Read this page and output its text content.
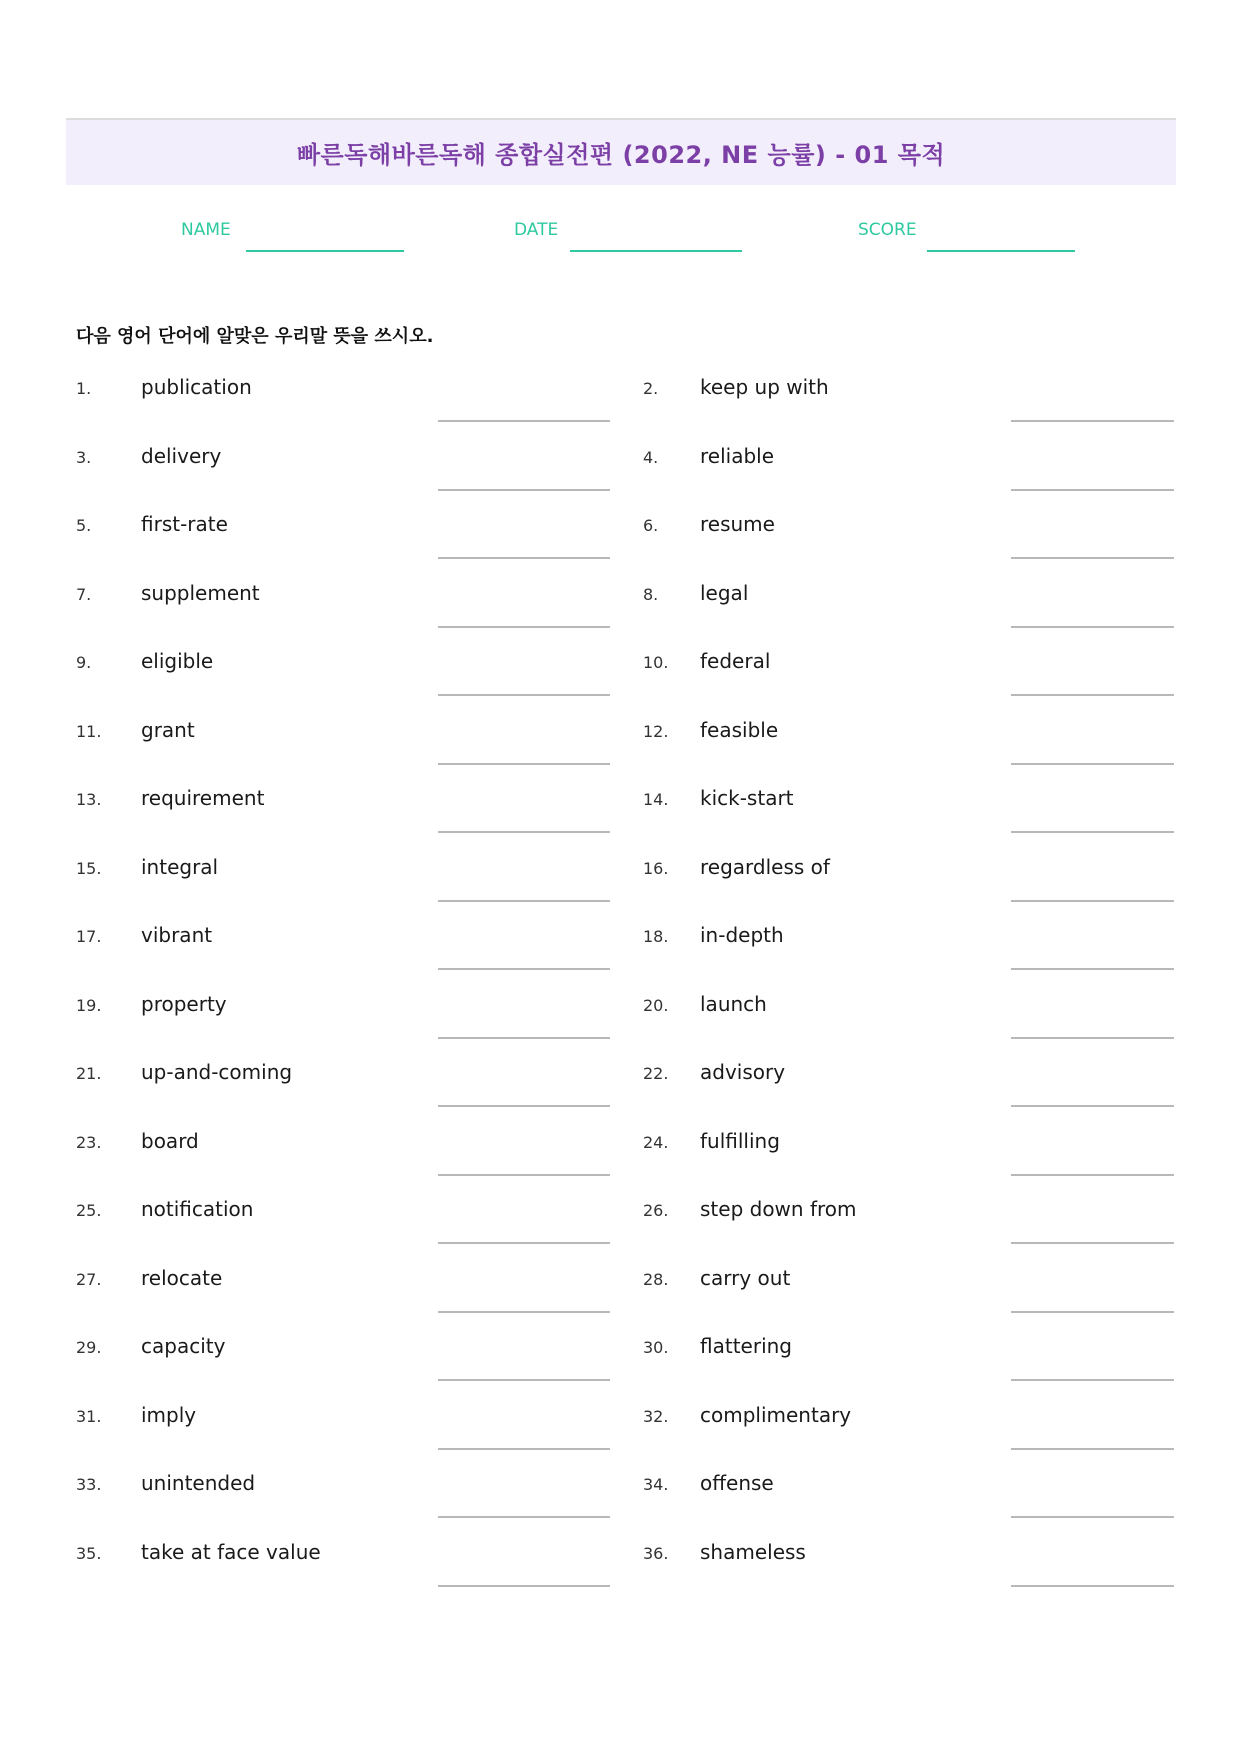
빠른독해바른독해 종합실전편 (2022, NE 능률) - 01 목적
NAME	DATE	SCORE
다음 영어 단어에 알맞은 우리말 뜻을 쓰시오.
1. publication	2. keep up with
3. delivery	4. reliable
5. first-rate	6. resume
7. supplement	8. legal
9. eligible	10. federal
11. grant	12. feasible
13. requirement	14. kick-start
15. integral	16. regardless of
17. vibrant	18. in-depth
19. property	20. launch
21. up-and-coming	22. advisory
23. board	24. fulfilling
25. notification	26. step down from
27. relocate	28. carry out
29. capacity	30. flattering
31. imply	32. complimentary
33. unintended	34. offense
35. take at face value	36. shameless
